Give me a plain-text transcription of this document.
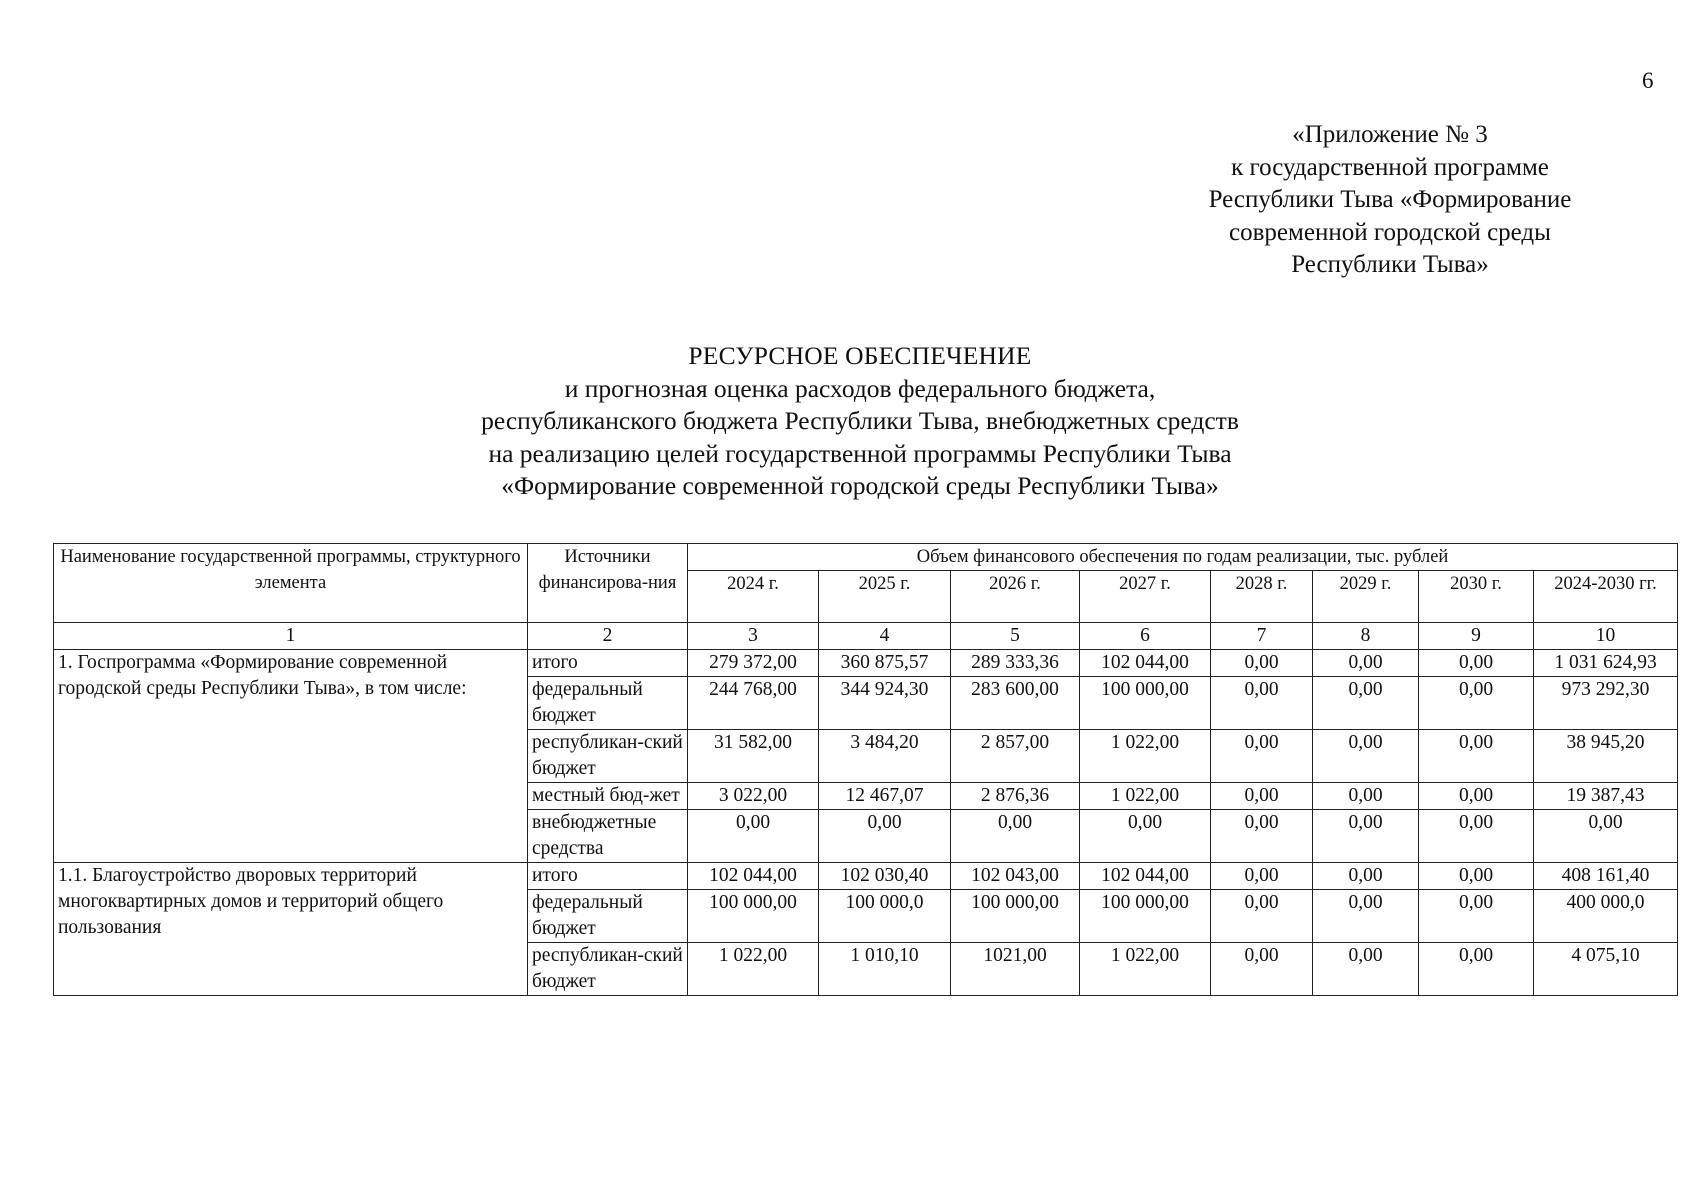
6
«Приложение № 3
к государственной программе
Республики Тыва «Формирование
современной городской среды
Республики Тыва»
РЕСУРСНОЕ ОБЕСПЕЧЕНИЕ
и прогнозная оценка расходов федерального бюджета,
республиканского бюджета Республики Тыва, внебюджетных средств
на реализацию целей государственной программы Республики Тыва
«Формирование современной городской среды Республики Тыва»
Наименование государственной программы, структурного элемента	Источники финансирова-ния	Объем финансового обеспечения по годам реализации, тыс. рублей							
		2024 г.	2025 г.	2026 г.	2027 г.	2028 г.	2029 г.	2030 г.	2024-2030 гг.
1	2	3	4	5	6	7	8	9	10
1. Госпрограмма «Формирование современной городской среды Республики Тыва», в том числе:	итого	279 372,00	360 875,57	289 333,36	102 044,00	0,00	0,00	0,00	1 031 624,93
	федеральный бюджет	244 768,00	344 924,30	283 600,00	100 000,00	0,00	0,00	0,00	973 292,30
	республикан-ский бюджет	31 582,00	3 484,20	2 857,00	1 022,00	0,00	0,00	0,00	38 945,20
	местный бюд-жет	3 022,00	12 467,07	2 876,36	1 022,00	0,00	0,00	0,00	19 387,43
	внебюджетные средства	0,00	0,00	0,00	0,00	0,00	0,00	0,00	0,00
1.1. Благоустройство дворовых территорий многоквартирных домов и территорий общего пользования	итого	102 044,00	102 030,40	102 043,00	102 044,00	0,00	0,00	0,00	408 161,40
	федеральный бюджет	100 000,00	100 000,0	100 000,00	100 000,00	0,00	0,00	0,00	400 000,0
	республикан-ский бюджет	1 022,00	1 010,10	1021,00	1 022,00	0,00	0,00	0,00	4 075,10
